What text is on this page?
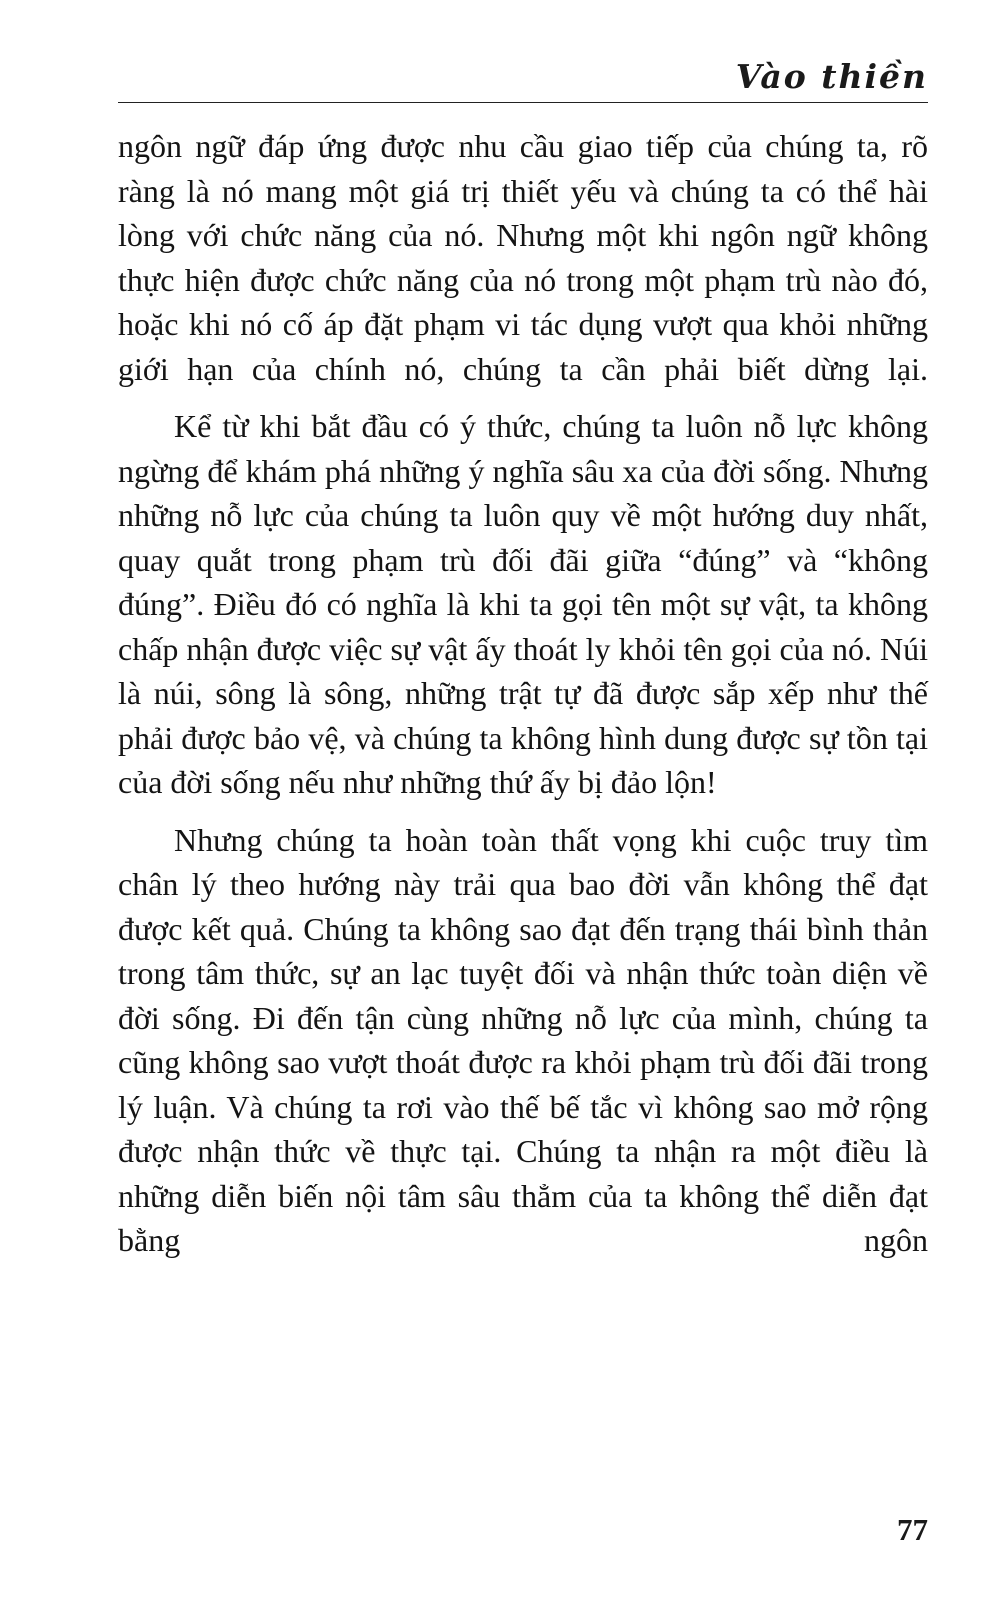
Vào thiền

ngôn ngữ đáp ứng được nhu cầu giao tiếp của chúng ta, rõ ràng là nó mang một giá trị thiết yếu và chúng ta có thể hài lòng với chức năng của nó. Nhưng một khi ngôn ngữ không thực hiện được chức năng của nó trong một phạm trù nào đó, hoặc khi nó cố áp đặt phạm vi tác dụng vượt qua khỏi những giới hạn của chính nó, chúng ta cần phải biết dừng lại.

Kể từ khi bắt đầu có ý thức, chúng ta luôn nỗ lực không ngừng để khám phá những ý nghĩa sâu xa của đời sống. Nhưng những nỗ lực của chúng ta luôn quy về một hướng duy nhất, quay quắt trong phạm trù đối đãi giữa “đúng” và “không đúng”. Điều đó có nghĩa là khi ta gọi tên một sự vật, ta không chấp nhận được việc sự vật ấy thoát ly khỏi tên gọi của nó. Núi là núi, sông là sông, những trật tự đã được sắp xếp như thế phải được bảo vệ, và chúng ta không hình dung được sự tồn tại của đời sống nếu như những thứ ấy bị đảo lộn!

Nhưng chúng ta hoàn toàn thất vọng khi cuộc truy tìm chân lý theo hướng này trải qua bao đời vẫn không thể đạt được kết quả. Chúng ta không sao đạt đến trạng thái bình thản trong tâm thức, sự an lạc tuyệt đối và nhận thức toàn diện về đời sống. Đi đến tận cùng những nỗ lực của mình, chúng ta cũng không sao vượt thoát được ra khỏi phạm trù đối đãi trong lý luận. Và chúng ta rơi vào thế bế tắc vì không sao mở rộng được nhận thức về thực tại. Chúng ta nhận ra một điều là những diễn biến nội tâm sâu thẳm của ta không thể diễn đạt bằng ngôn

77
